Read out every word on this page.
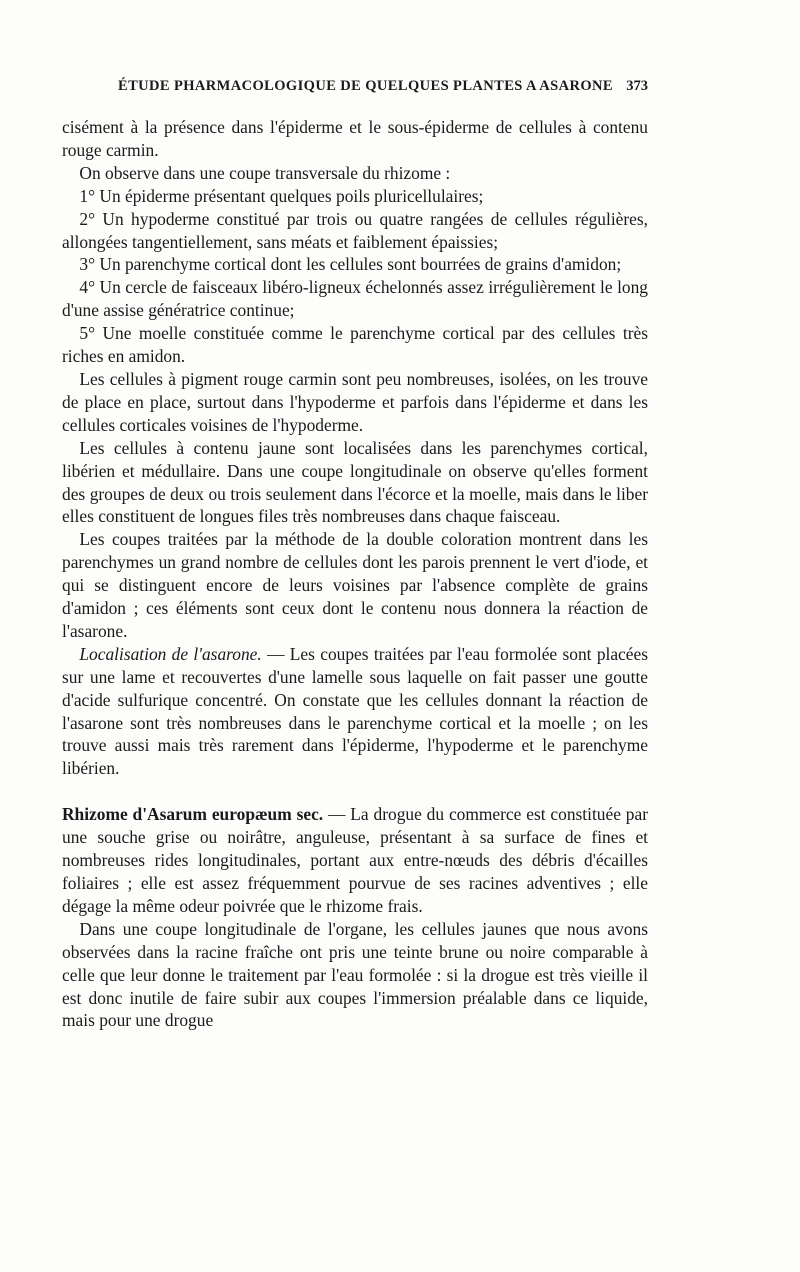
ÉTUDE PHARMACOLOGIQUE DE QUELQUES PLANTES A ASARONE 373

cisément à la présence dans l'épiderme et le sous-épiderme de cellules à contenu rouge carmin.

On observe dans une coupe transversale du rhizome :

1° Un épiderme présentant quelques poils pluricellulaires;

2° Un hypoderme constitué par trois ou quatre rangées de cellules régulières, allongées tangentiellement, sans méats et faiblement épaissies;

3° Un parenchyme cortical dont les cellules sont bourrées de grains d'amidon;

4° Un cercle de faisceaux libéro-ligneux échelonnés assez irrégulièrement le long d'une assise génératrice continue;

5° Une moelle constituée comme le parenchyme cortical par des cellules très riches en amidon.

Les cellules à pigment rouge carmin sont peu nombreuses, isolées, on les trouve de place en place, surtout dans l'hypoderme et parfois dans l'épiderme et dans les cellules corticales voisines de l'hypoderme.

Les cellules à contenu jaune sont localisées dans les parenchymes cortical, libérien et médullaire. Dans une coupe longitudinale on observe qu'elles forment des groupes de deux ou trois seulement dans l'écorce et la moelle, mais dans le liber elles constituent de longues files très nombreuses dans chaque faisceau.

Les coupes traitées par la méthode de la double coloration montrent dans les parenchymes un grand nombre de cellules dont les parois prennent le vert d'iode, et qui se distinguent encore de leurs voisines par l'absence complète de grains d'amidon ; ces éléments sont ceux dont le contenu nous donnera la réaction de l'asarone.

Localisation de l'asarone. — Les coupes traitées par l'eau formolée sont placées sur une lame et recouvertes d'une lamelle sous laquelle on fait passer une goutte d'acide sulfurique concentré. On constate que les cellules donnant la réaction de l'asarone sont très nombreuses dans le parenchyme cortical et la moelle ; on les trouve aussi mais très rarement dans l'épiderme, l'hypoderme et le parenchyme libérien.

Rhizome d'Asarum europæum sec. — La drogue du commerce est constituée par une souche grise ou noirâtre, anguleuse, présentant à sa surface de fines et nombreuses rides longitudinales, portant aux entre-nœuds des débris d'écailles foliaires ; elle est assez fréquemment pourvue de ses racines adventives ; elle dégage la même odeur poivrée que le rhizome frais.

Dans une coupe longitudinale de l'organe, les cellules jaunes que nous avons observées dans la racine fraîche ont pris une teinte brune ou noire comparable à celle que leur donne le traitement par l'eau formolée : si la drogue est très vieille il est donc inutile de faire subir aux coupes l'immersion préalable dans ce liquide, mais pour une drogue
